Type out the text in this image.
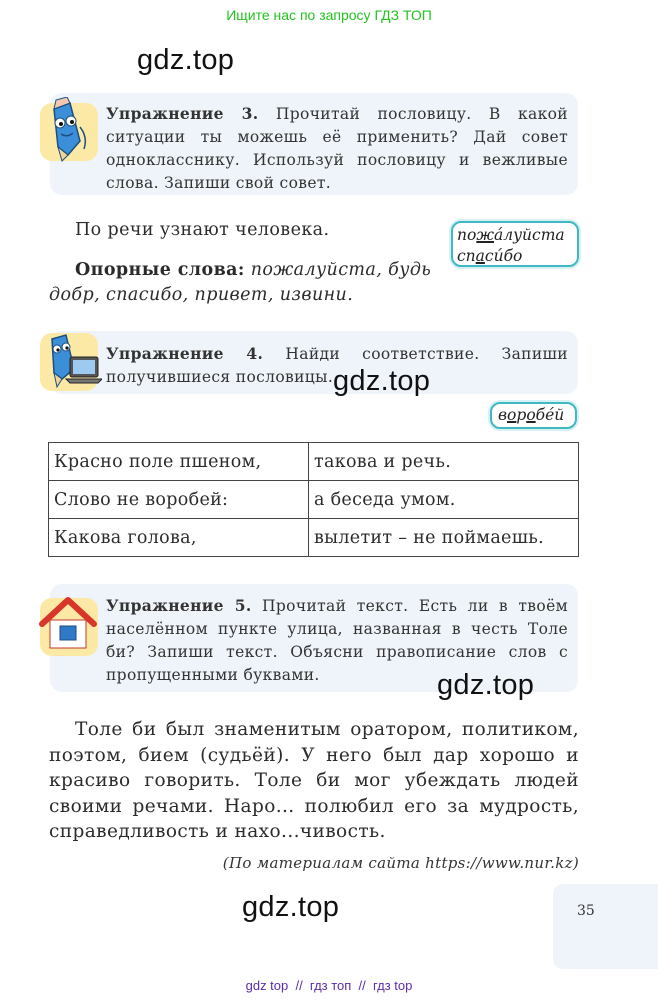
Ищите нас по запросу ГДЗ ТОП
gdz.top
Упражнение 3. Прочитай пословицу. В какой ситуации ты можешь её применить? Дай совет однокласснику. Используй пословицу и вежливые слова. Запиши свой совет.
По речи узнают человека.	пожа́луйста
спаси́бо
Опорные слова: пожалуйста, будь добр, спасибо, привет, извини.
Упражнение 4. Найди соответствие. Запиши получившиеся пословицы. gdz.top
воробе́й
Красно поле пшеном,	такова и речь.
Слово не воробей:	а беседа умом.
Какова голова,	вылетит – не поймаешь.
Упражнение 5. Прочитай текст. Есть ли в твоём населённом пункте улица, названная в честь Толе би? Запиши текст. Объясни правописание слов с пропущенными буквами.	gdz.top
Толе би был знаменитым оратором, политиком, поэтом, бием (судьёй). У него был дар хорошо и красиво говорить. Толе би мог убеждать людей своими речами. Наро... полюбил его за мудрость, справедливость и нахо...чивость.
(По материалам сайта https://www.nur.kz)
35
gdz.top
gdz top  //  гдз топ  //  гдз top
